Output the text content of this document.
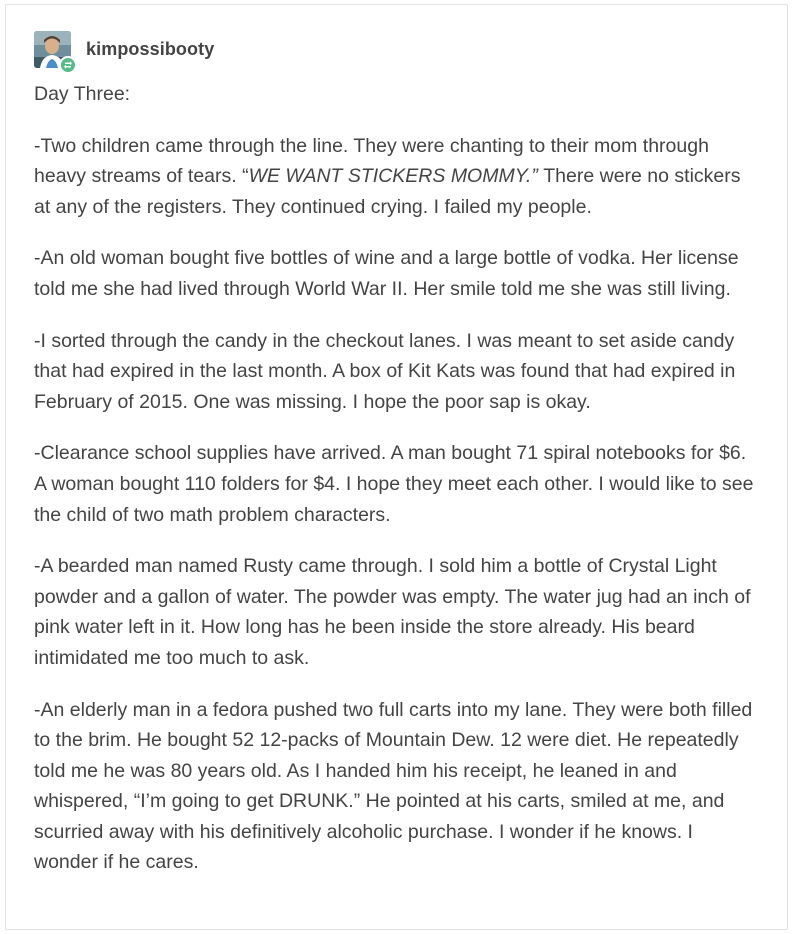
kimpossibooty

Day Three:

-Two children came through the line. They were chanting to their mom through heavy streams of tears. “WE WANT STICKERS MOMMY.” There were no stickers at any of the registers. They continued crying. I failed my people.

-An old woman bought five bottles of wine and a large bottle of vodka. Her license told me she had lived through World War II. Her smile told me she was still living.

-I sorted through the candy in the checkout lanes. I was meant to set aside candy that had expired in the last month. A box of Kit Kats was found that had expired in February of 2015. One was missing. I hope the poor sap is okay.

-Clearance school supplies have arrived. A man bought 71 spiral notebooks for $6. A woman bought 110 folders for $4. I hope they meet each other. I would like to see the child of two math problem characters.

-A bearded man named Rusty came through. I sold him a bottle of Crystal Light powder and a gallon of water. The powder was empty. The water jug had an inch of pink water left in it. How long has he been inside the store already. His beard intimidated me too much to ask.

-An elderly man in a fedora pushed two full carts into my lane. They were both filled to the brim. He bought 52 12-packs of Mountain Dew. 12 were diet. He repeatedly told me he was 80 years old. As I handed him his receipt, he leaned in and whispered, “I’m going to get DRUNK.” He pointed at his carts, smiled at me, and scurried away with his definitively alcoholic purchase. I wonder if he knows. I wonder if he cares.
